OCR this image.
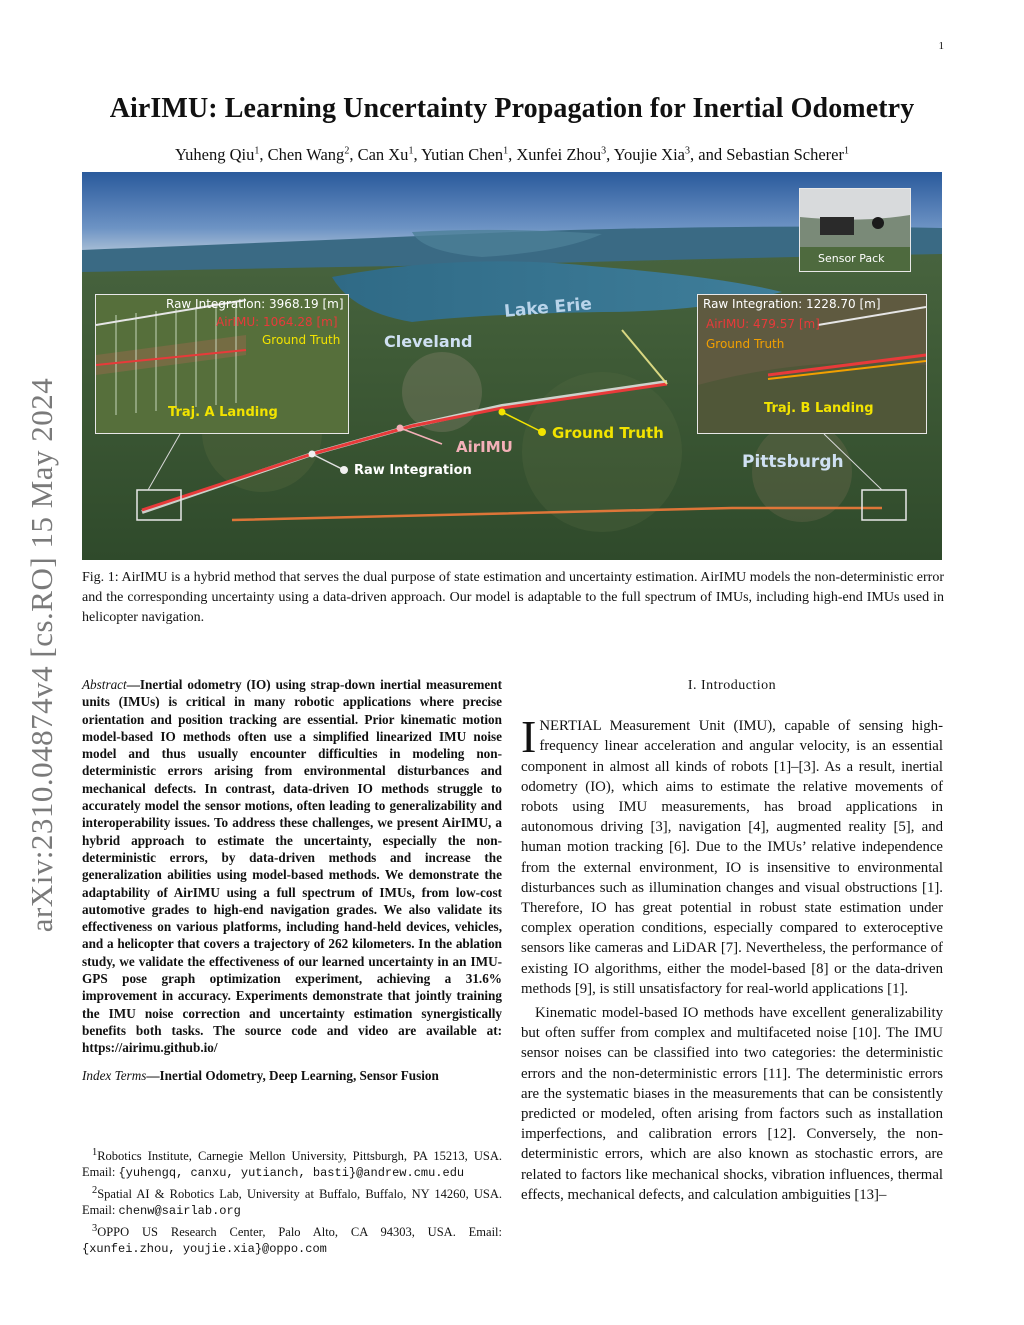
1
arXiv:2310.04874v4 [cs.RO] 15 May 2024
AirIMU: Learning Uncertainty Propagation for Inertial Odometry
Yuheng Qiu$^1$, Chen Wang$^2$, Can Xu$^1$, Yutian Chen$^1$, Xunfei Zhou$^3$, Youjie Xia$^3$, and Sebastian Scherer$^1$
Raw Integration: 3968.19 [m]
AirIMU: 1064.28 [m]
Ground Truth
Traj. A Landing
Raw Integration: 1228.70 [m]
AirIMU: 479.57 [m]
Ground Truth
Traj. B Landing
Sensor Pack
Lake Erie
Cleveland
Pittsburgh
AirIMU
Ground Truth
Raw Integration
Fig. 1: AirIMU is a hybrid method that serves the dual purpose of state estimation and uncertainty estimation. AirIMU models the non-deterministic error and the corresponding uncertainty using a data-driven approach. Our model is adaptable to the full spectrum of IMUs, including high-end IMUs used in helicopter navigation.

Abstract—Inertial odometry (IO) using strap-down inertial measurement units (IMUs) is critical in many robotic applications where precise orientation and position tracking are essential. Prior kinematic motion model-based IO methods often use a simplified linearized IMU noise model and thus usually encounter difficulties in modeling non-deterministic errors arising from environmental disturbances and mechanical defects. In contrast, data-driven IO methods struggle to accurately model the sensor motions, often leading to generalizability and interoperability issues. To address these challenges, we present AirIMU, a hybrid approach to estimate the uncertainty, especially the non-deterministic errors, by data-driven methods and increase the generalization abilities using model-based methods. We demonstrate the adaptability of AirIMU using a full spectrum of IMUs, from low-cost automotive grades to high-end navigation grades. We also validate its effectiveness on various platforms, including hand-held devices, vehicles, and a helicopter that covers a trajectory of 262 kilometers. In the ablation study, we validate the effectiveness of our learned uncertainty in an IMU-GPS pose graph optimization experiment, achieving a 31.6% improvement in accuracy. Experiments demonstrate that jointly training the IMU noise correction and uncertainty estimation synergistically benefits both tasks. The source code and video are available at: https://airimu.github.io/

Index Terms—Inertial Odometry, Deep Learning, Sensor Fusion

$^1$Robotics Institute, Carnegie Mellon University, Pittsburgh, PA 15213, USA. Email: {yuhengq, canxu, yutianch, basti}@andrew.cmu.edu

$^2$Spatial AI & Robotics Lab, University at Buffalo, Buffalo, NY 14260, USA. Email: chenw@sairlab.org

$^3$OPPO US Research Center, Palo Alto, CA 94303, USA. Email: {xunfei.zhou, youjie.xia}@oppo.com

I. Introduction

INERTIAL Measurement Unit (IMU), capable of sensing high-frequency linear acceleration and angular velocity, is an essential component in almost all kinds of robots [1]–[3]. As a result, inertial odometry (IO), which aims to estimate the relative movements of robots using IMU measurements, has broad applications in autonomous driving [3], navigation [4], augmented reality [5], and human motion tracking [6]. Due to the IMUs’ relative independence from the external environment, IO is insensitive to environmental disturbances such as illumination changes and visual obstructions [1]. Therefore, IO has great potential in robust state estimation under complex operation conditions, especially compared to exteroceptive sensors like cameras and LiDAR [7]. Nevertheless, the performance of existing IO algorithms, either the model-based [8] or the data-driven methods [9], is still unsatisfactory for real-world applications [1].

Kinematic model-based IO methods have excellent generalizability but often suffer from complex and multifaceted noise [10]. The IMU sensor noises can be classified into two categories: the deterministic errors and the non-deterministic errors [11]. The deterministic errors are the systematic biases in the measurements that can be consistently predicted or modeled, often arising from factors such as installation imperfections, and calibration errors [12]. Conversely, the non-deterministic errors, which are also known as stochastic errors, are related to factors like mechanical shocks, vibration influences, thermal effects, mechanical defects, and calculation ambiguities [13]–
